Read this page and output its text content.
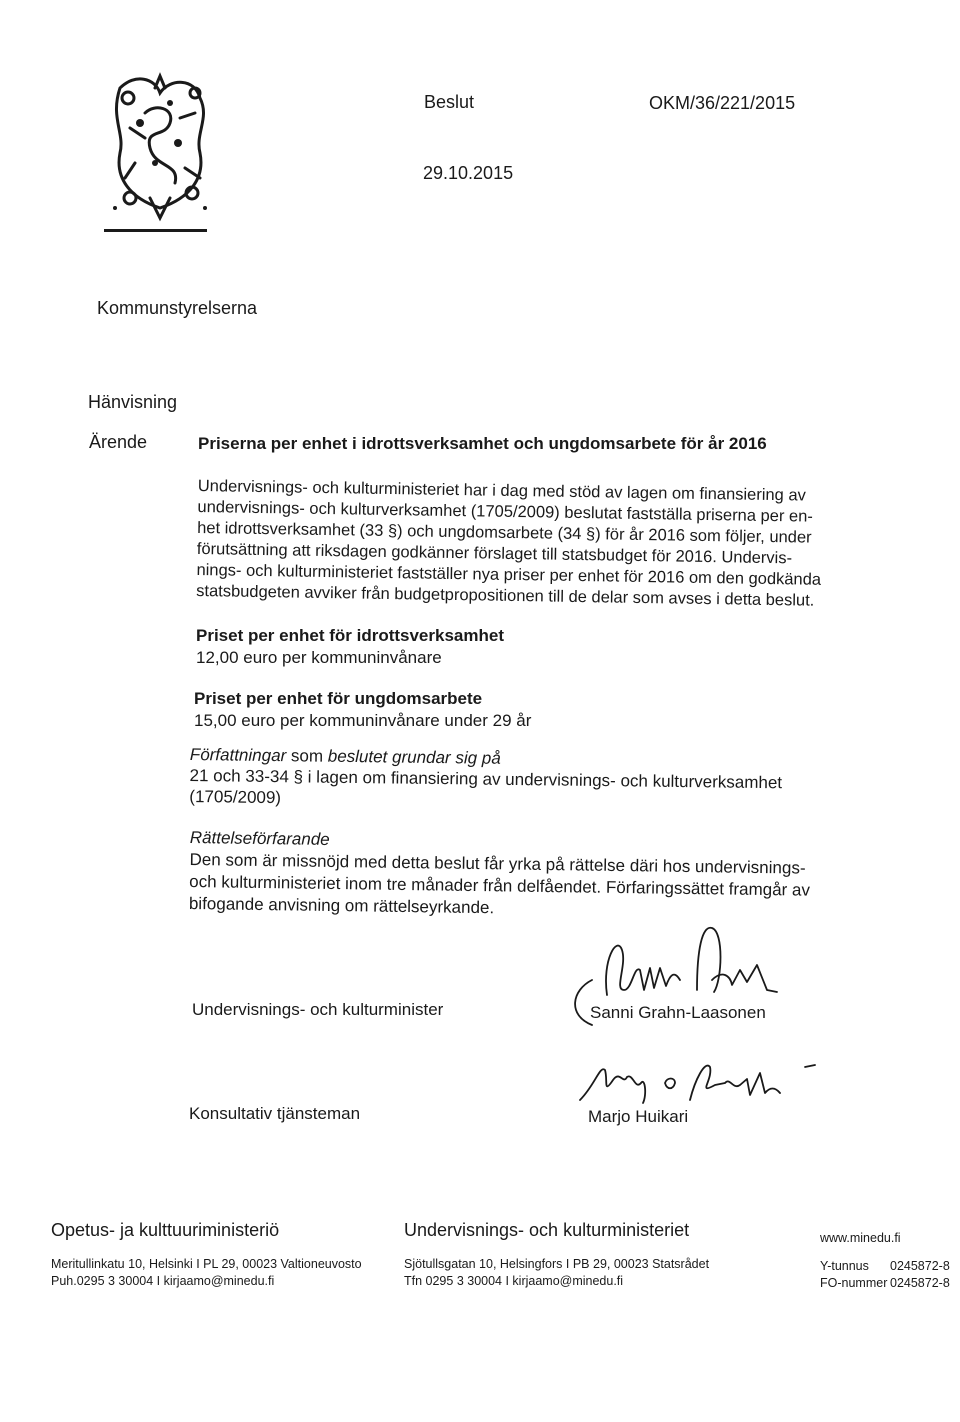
Beslut	OKM/36/221/2015
29.10.2015
Kommunstyrelserna
Hänvisning
Ärende	Priserna per enhet i idrottsverksamhet och ungdomsarbete för år 2016
Undervisnings- och kulturministeriet har i dag med stöd av lagen om finansiering av
undervisnings- och kulturverksamhet (1705/2009) beslutat fastställa priserna per en-
het idrottsverksamhet (33 §) och ungdomsarbete (34 §) för år 2016 som följer, under
förutsättning att riksdagen godkänner förslaget till statsbudget för 2016. Undervis-
nings- och kulturministeriet fastställer nya priser per enhet för 2016 om den godkända
statsbudgeten avviker från budgetpropositionen till de delar som avses i detta beslut.
Priset per enhet för idrottsverksamhet
12,00 euro per kommuninvånare
Priset per enhet för ungdomsarbete
15,00 euro per kommuninvånare under 29 år
Författningar som beslutet grundar sig på
21 och 33-34 § i lagen om finansiering av undervisnings- och kulturverksamhet
(1705/2009)
Rättelseförfarande
Den som är missnöjd med detta beslut får yrka på rättelse däri hos undervisnings-
och kulturministeriet inom tre månader från delfåendet. Förfaringssättet framgår av
bifogande anvisning om rättelseyrkande.
Undervisnings- och kulturminister	Sanni Grahn-Laasonen
Konsultativ tjänsteman	Marjo Huikari
Opetus- ja kulttuuriministeriö
Meritullinkatu 10, Helsinki I PL 29, 00023 Valtioneuvosto
Puh.0295 3 30004 I kirjaamo@minedu.fi
Undervisnings- och kulturministeriet
Sjötullsgatan 10, Helsingfors I PB 29, 00023 Statsrådet
Tfn 0295 3 30004 I kirjaamo@minedu.fi
www.minedu.fi
Y-tunnus	0245872-8
FO-nummer 0245872-8
